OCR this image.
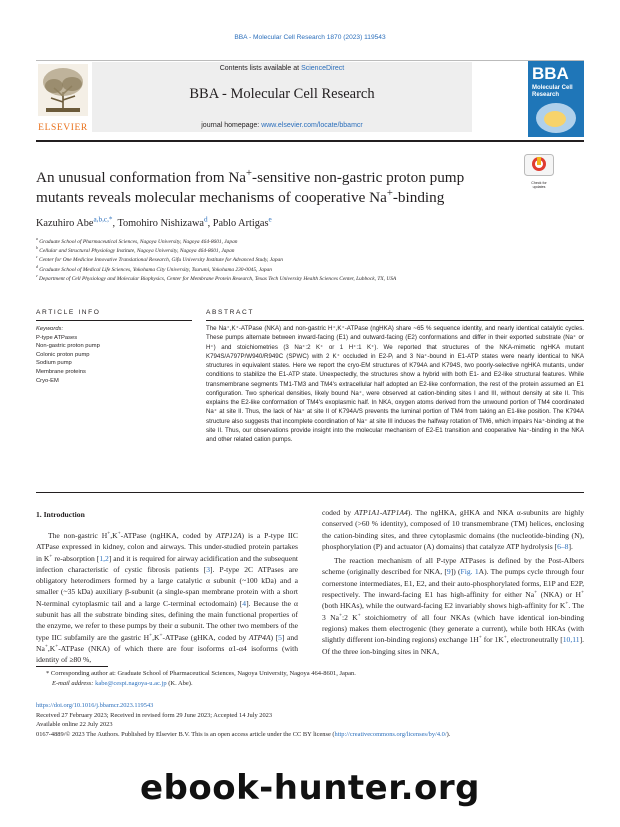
BBA - Molecular Cell Research 1870 (2023) 119543
ELSEVIER
Contents lists available at ScienceDirect
BBA - Molecular Cell Research
journal homepage: www.elsevier.com/locate/bbamcr
BBA
Molecular Cell
Research
Check for
updates
An unusual conformation from Na+-sensitive non-gastric proton pump
mutants reveals molecular mechanisms of cooperative Na+-binding
Kazuhiro Abe$^{a,b,c,*}$, Tomohiro Nishizawa$^d$, Pablo Artigas$^e$
$^a$ Graduate School of Pharmaceutical Sciences, Nagoya University, Nagoya 464-8601, Japan
$^b$ Cellular and Structural Physiology Institute, Nagoya University, Nagoya 464-8601, Japan
$^c$ Center for One Medicine Innovative Translational Research, Gifu University Institute for Advanced Study, Japan
$^d$ Graduate School of Medical Life Sciences, Yokohama City University, Tsurumi, Yokohama 230-0045, Japan
$^e$ Department of Cell Physiology and Molecular Biophysics, Center for Membrane Protein Research, Texas Tech University Health Sciences Center, Lubbock, TX, USA
ARTICLE INFO	ABSTRACT
Keywords:
P-type ATPases
Non-gastric proton pump
Colonic proton pump
Sodium pump
Membrane proteins
Cryo-EM
The Na⁺,K⁺-ATPase (NKA) and non-gastric H⁺,K⁺-ATPase (ngHKA) share ~65 % sequence identity, and nearly identical catalytic cycles. These pumps alternate between inward-facing (E1) and outward-facing (E2) conformations and differ in their exported substrate (Na⁺ or H⁺) and stoichiometries (3 Na⁺:2 K⁺ or 1 H⁺:1 K⁺). We reported that structures of the NKA-mimetic ngHKA mutant K794S/A797P/W940/R949C (SPWC) with 2 K⁺ occluded in E2-Pᵢ and 3 Na⁺-bound in E1-ATP states were nearly identical to NKA structures in equivalent states. Here we report the cryo-EM structures of K794A and K794S, two poorly-selective ngHKA mutants, under conditions to stabilize the E1-ATP state. Unexpectedly, the structures show a hybrid with both E1- and E2-like structural features. While transmembrane segments TM1-TM3 and TM4's extracellular half adopted an E2-like conformation, the rest of the protein assumed an E1 configuration. Two spherical densities, likely bound Na⁺, were observed at cation-binding sites I and III, without density at site II. This explains the E2-like conformation of TM4's exoplasmic half. In NKA, oxygen atoms derived from the unwound portion of TM4 coordinated Na⁺ at site II. Thus, the lack of Na⁺ at site II of K794A/S prevents the luminal portion of TM4 from taking an E1-like position. The K794A structure also suggests that incomplete coordination of Na⁺ at site III induces the halfway rotation of TM6, which impairs Na⁺-binding at the site II. Thus, our observations provide insight into the molecular mechanism of E2-E1 transition and cooperative Na⁺-binding in the NKA and other related cation pumps.
1. Introduction
The non-gastric H+,K+-ATPase (ngHKA, coded by ATP12A) is a P-type IIC ATPase expressed in kidney, colon and airways. This under-studied protein partakes in K+ re-absorption [1,2] and it is required for airway acidification and the subsequent infection characteristic of cystic fibrosis patients [3]. P-type 2C ATPases are obligatory heterodimers formed by a large catalytic α subunit (~100 kDa) and a smaller (~35 kDa) auxiliary β-subunit (a single-span membrane protein with a short N-terminal cytoplasmic tail and a large C-terminal ectodomain) [4]. Because the α subunit has all the substrate binding sites, defining the main functional properties of the enzyme, we refer to these pumps by their α subunit. The other two members of the type IIC subfamily are the gastric H+,K+-ATPase (gHKA, coded by ATP4A) [5] and Na+,K+-ATPase (NKA) of which there are four isoforms α1-α4 isoforms (with identity of ≥80 %,
coded by ATP1A1-ATP1A4). The ngHKA, gHKA and NKA α-subunits are highly conserved (>60 % identity), composed of 10 transmembrane (TM) helices, enclosing the cation-binding sites, and three cytoplasmic domains (the nucleotide-binding (N), phosphorylation (P) and actuator (A) domains) that catalyze ATP hydrolysis [6–8].
The reaction mechanism of all P-type ATPases is defined by the Post-Albers scheme (originally described for NKA, [9]) (Fig. 1A). The pumps cycle through four cornerstone intermediates, E1, E2, and their auto-phosphorylated forms, E1P and E2P, respectively. The inward-facing E1 has high-affinity for either Na+ (NKA) or H+ (both HKAs), while the outward-facing E2 invariably shows high-affinity for K+. The 3 Na+:2 K+ stoichiometry of all four NKAs (which have identical ion-binding regions) makes them electrogenic (they generate a current), while both HKAs (with slightly different ion-binding regions) exchange 1H+ for 1K+, electroneutrally [10,11]. Of the three ion-binging sites in NKA,
* Corresponding author at: Graduate School of Pharmaceutical Sciences, Nagoya University, Nagoya 464-8601, Japan.
E-mail address: kabe@cespi.nagoya-u.ac.jp (K. Abe).
https://doi.org/10.1016/j.bbamcr.2023.119543
Received 27 February 2023; Received in revised form 29 June 2023; Accepted 14 July 2023
Available online 22 July 2023
0167-4889/© 2023 The Authors. Published by Elsevier B.V. This is an open access article under the CC BY license (http://creativecommons.org/licenses/by/4.0/).
ebook-hunter.org
